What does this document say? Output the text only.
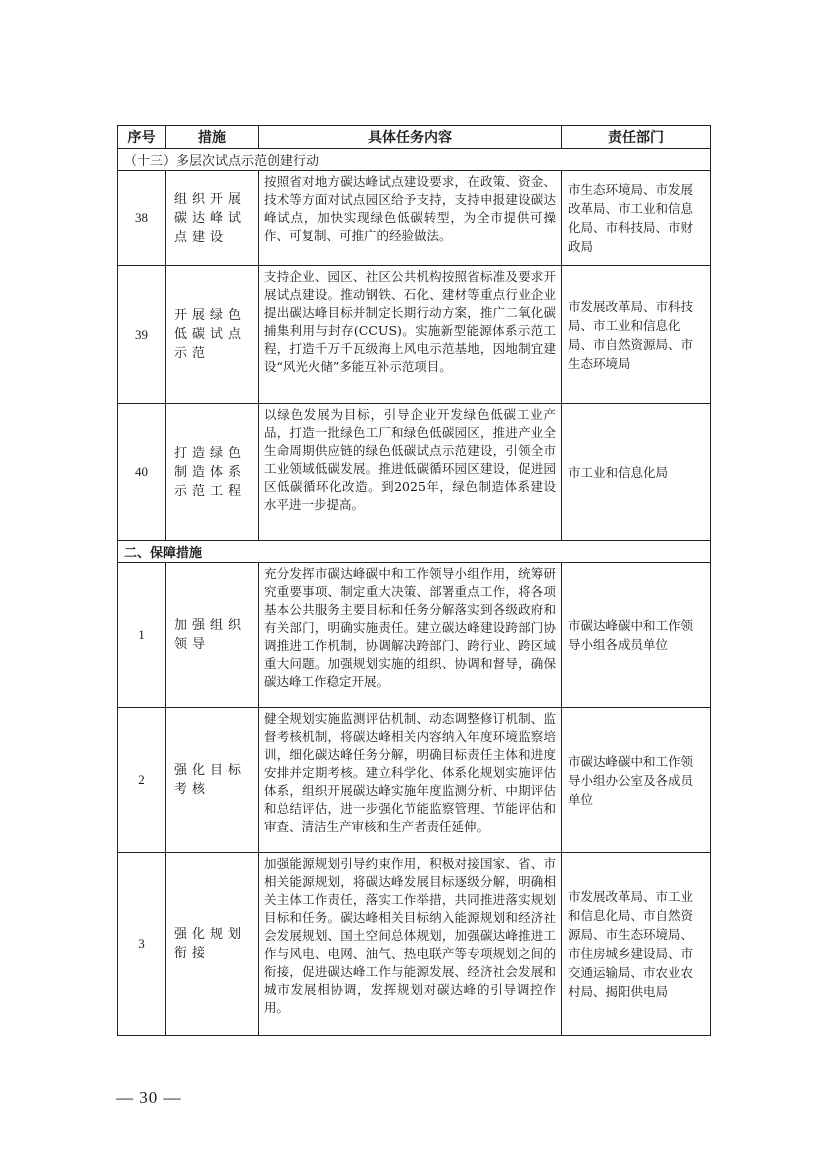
序号	措施	具体任务内容	责任部门
（十三）多层次试点示范创建行动			
38	组织开展碳达峰试点建设	按照省对地方碳达峰试点建设要求，在政策、资金、技术等方面对试点园区给予支持，支持申报建设碳达峰试点，加快实现绿色低碳转型，为全市提供可操作、可复制、可推广的经验做法。	市生态环境局、市发展改革局、市工业和信息化局、市科技局、市财政局
39	开展绿色低碳试点示范	支持企业、园区、社区公共机构按照省标准及要求开展试点建设。推动钢铁、石化、建材等重点行业企业提出碳达峰目标并制定长期行动方案，推广二氧化碳捕集利用与封存(CCUS)。实施新型能源体系示范工程，打造千万千瓦级海上风电示范基地，因地制宜建设“风光火储”多能互补示范项目。	市发展改革局、市科技局、市工业和信息化局、市自然资源局、市生态环境局
40	打造绿色制造体系示范工程	以绿色发展为目标，引导企业开发绿色低碳工业产品，打造一批绿色工厂和绿色低碳园区，推进产业全生命周期供应链的绿色低碳试点示范建设，引领全市工业领域低碳发展。推进低碳循环园区建设，促进园区低碳循环化改造。到2025年，绿色制造体系建设水平进一步提高。	市工业和信息化局
二、保障措施			
1	加强组织领导	充分发挥市碳达峰碳中和工作领导小组作用，统筹研究重要事项、制定重大决策、部署重点工作，将各项基本公共服务主要目标和任务分解落实到各级政府和有关部门，明确实施责任。建立碳达峰建设跨部门协调推进工作机制，协调解决跨部门、跨行业、跨区域重大问题。加强规划实施的组织、协调和督导，确保碳达峰工作稳定开展。	市碳达峰碳中和工作领导小组各成员单位
2	强化目标考核	健全规划实施监测评估机制、动态调整修订机制、监督考核机制，将碳达峰相关内容纳入年度环境监察培训，细化碳达峰任务分解，明确目标责任主体和进度安排并定期考核。建立科学化、体系化规划实施评估体系，组织开展碳达峰实施年度监测分析、中期评估和总结评估，进一步强化节能监察管理、节能评估和审查、清洁生产审核和生产者责任延伸。	市碳达峰碳中和工作领导小组办公室及各成员单位
3	强化规划衔接	加强能源规划引导约束作用，积极对接国家、省、市相关能源规划，将碳达峰发展目标逐级分解，明确相关主体工作责任，落实工作举措，共同推进落实规划目标和任务。碳达峰相关目标纳入能源规划和经济社会发展规划、国土空间总体规划，加强碳达峰推进工作与风电、电网、油气、热电联产等专项规划之间的衔接，促进碳达峰工作与能源发展、经济社会发展和城市发展相协调，发挥规划对碳达峰的引导调控作用。	市发展改革局、市工业和信息化局、市自然资源局、市生态环境局、市住房城乡建设局、市交通运输局、市农业农村局、揭阳供电局
— 30 —
